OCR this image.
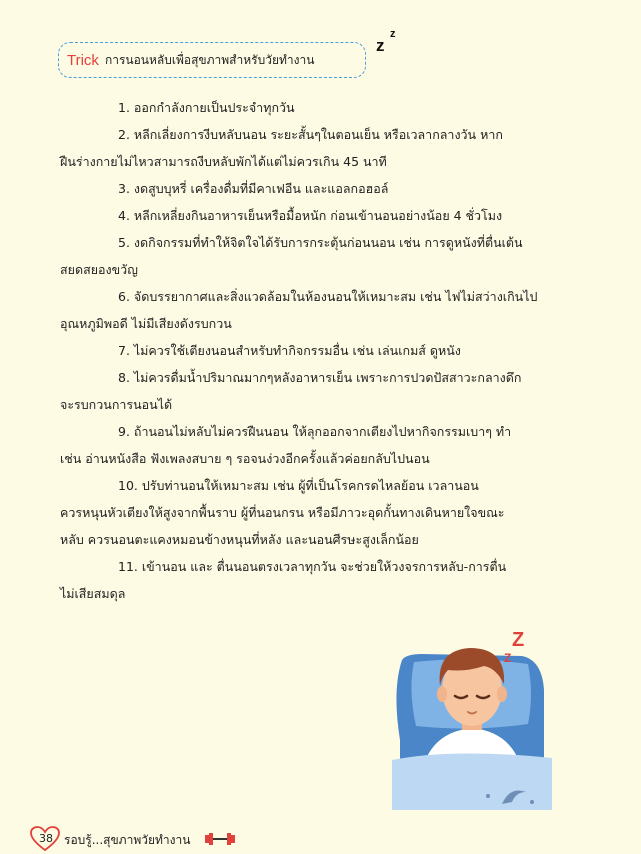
Trick การนอนหลับเพื่อสุขภาพสำหรับวัยทำงาน
z
z
1. ออกกำลังกายเป็นประจำทุกวัน
2. หลีกเลี่ยงการงีบหลับนอน ระยะสั้นๆในตอนเย็น หรือเวลากลางวัน หาก
ฝืนร่างกายไม่ไหวสามารถงีบหลับพักได้แต่ไม่ควรเกิน 45 นาที
3. งดสูบบุหรี่ เครื่องดื่มที่มีคาเฟอีน และแอลกอฮอล์
4. หลีกเหลี่ยงกินอาหารเย็นหรือมื้อหนัก ก่อนเข้านอนอย่างน้อย 4 ชั่วโมง
5. งดกิจกรรมที่ทำให้จิตใจได้รับการกระตุ้นก่อนนอน เช่น การดูหนังที่ตื่นเต้น
สยดสยองขวัญ
6. จัดบรรยากาศและสิ่งแวดล้อมในห้องนอนให้เหมาะสม เช่น ไฟไม่สว่างเกินไป
อุณหภูมิพอดี ไม่มีเสียงดังรบกวน
7. ไม่ควรใช้เตียงนอนสำหรับทำกิจกรรมอื่น เช่น เล่นเกมส์ ดูหนัง
8. ไม่ควรดื่มน้ำปริมาณมากๆหลังอาหารเย็น เพราะการปวดปัสสาวะกลางดึก
จะรบกวนการนอนได้
9. ถ้านอนไม่หลับไม่ควรฝืนนอน ให้ลุกออกจากเตียงไปหากิจกรรมเบาๆ ทำ
เช่น อ่านหนังสือ ฟังเพลงสบาย ๆ รอจนง่วงอีกครั้งแล้วค่อยกลับไปนอน
10. ปรับท่านอนให้เหมาะสม เช่น ผู้ที่เป็นโรคกรดไหลย้อน เวลานอน
ควรหนุนหัวเตียงให้สูงจากพื้นราบ ผู้ที่นอนกรน หรือมีภาวะอุดกั้นทางเดินหายใจขณะ
หลับ ควรนอนตะแคงหมอนข้างหนุนที่หลัง และนอนศีรษะสูงเล็กน้อย
11. เข้านอน และ ตื่นนอนตรงเวลาทุกวัน จะช่วยให้วงจรการหลับ-การตื่น
ไม่เสียสมดุล
Z
Z
38 รอบรู้...สุขภาพวัยทำงาน
